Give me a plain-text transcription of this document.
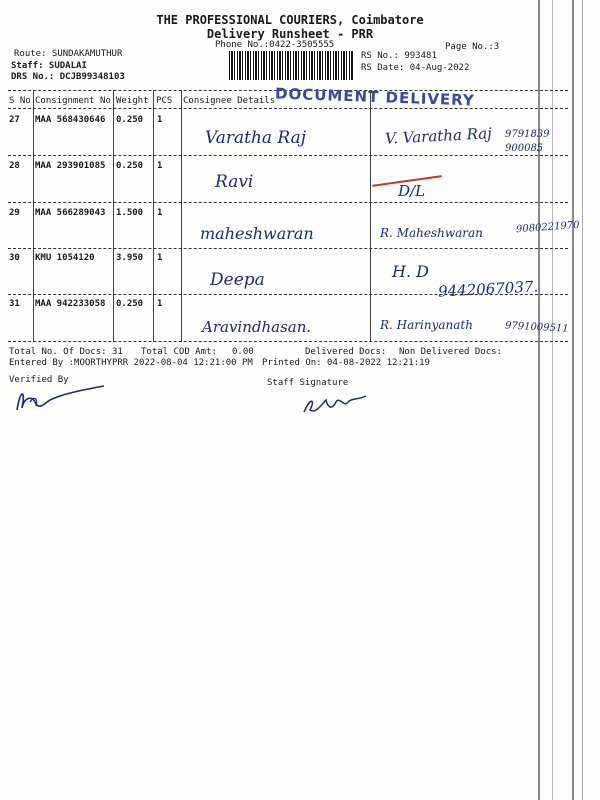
THE PROFESSIONAL COURIERS, Coimbatore
Delivery Runsheet - PRR
Phone No.:0422-3505555	Page No.:3
Route: SUNDAKAMUTHUR
Staff: SUDALAI
DRS No.: DCJB99348103
RS No.: 993481
RS Date: 04-Aug-2022
S No Consignment No Weight PCS Consignee Details DOCUMENT DELIVERY
27 MAA 568430646 0.250 1
Varatha Raj	V. Varatha Raj 9791839 900085
28 MAA 293901085 0.250 1
Ravi	D/L
29 MAA 566289043 1.500 1
maheshwaran	R. Maheshwaran	9080221970
30 KMU 1054120 3.950 1
Deepa	H. D
9442067037.
31 MAA 942233058 0.250 1
Aravindhasan.	R. Harinyanath	9791009511
Total No. Of Docs: 31 Total COD Amt: 0.00	Delivered Docs: Non Delivered Docs:
Entered By :MOORTHYPRR 2022-08-04 12:21:00 PM Printed On: 04-08-2022 12:21:19
Verified By	Staff Signature
